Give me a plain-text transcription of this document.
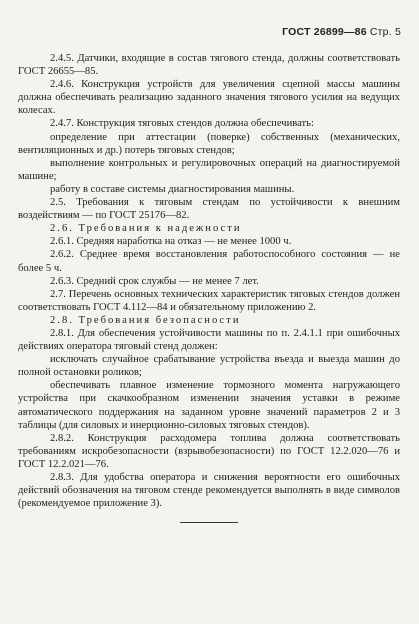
ГОСТ 26899—86 Стр. 5

2.4.5. Датчики, входящие в состав тягового стенда, должны соответствовать ГОСТ 26655—85.

2.4.6. Конструкция устройств для увеличения сцепной массы машины должна обеспечивать реализацию заданного значения тягового усилия на ведущих колесах.

2.4.7. Конструкция тяговых стендов должна обеспечивать:

определение при аттестации (поверке) собственных (механических, вентиляционных и др.) потерь тяговых стендов;

выполнение контрольных и регулировочных операций на диагностируемой машине;

работу в составе системы диагностирования машины.

2.5. Требования к тяговым стендам по устойчивости к внешним воздействиям — по ГОСТ 25176—82.

2.6. Требования к надежности

2.6.1. Средняя наработка на отказ — не менее 1000 ч.

2.6.2. Среднее время восстановления работоспособного состояния — не более 5 ч.

2.6.3. Средний срок службы — не менее 7 лет.

2.7. Перечень основных технических характеристик тяговых стендов должен соответствовать ГОСТ 4.112—84 и обязательному приложению 2.

2.8. Требования безопасности

2.8.1. Для обеспечения устойчивости машины по п. 2.4.1.1 при ошибочных действиях оператора тяговый стенд должен:

исключать случайное срабатывание устройства въезда и выезда машин до полной остановки роликов;

обеспечивать плавное изменение тормозного момента нагружающего устройства при скачкообразном изменении значения уставки в режиме автоматического поддержания на заданном уровне значений параметров 2 и 3 таблицы (для силовых и инерционно-силовых тяговых стендов).

2.8.2. Конструкция расходомера топлива должна соответствовать требованиям искробезопасности (взрывобезопасности) по ГОСТ 12.2.020—76 и ГОСТ 12.2.021—76.

2.8.3. Для удобства оператора и снижения вероятности его ошибочных действий обозначения на тяговом стенде рекомендуется выполнять в виде символов (рекомендуемое приложение 3).
